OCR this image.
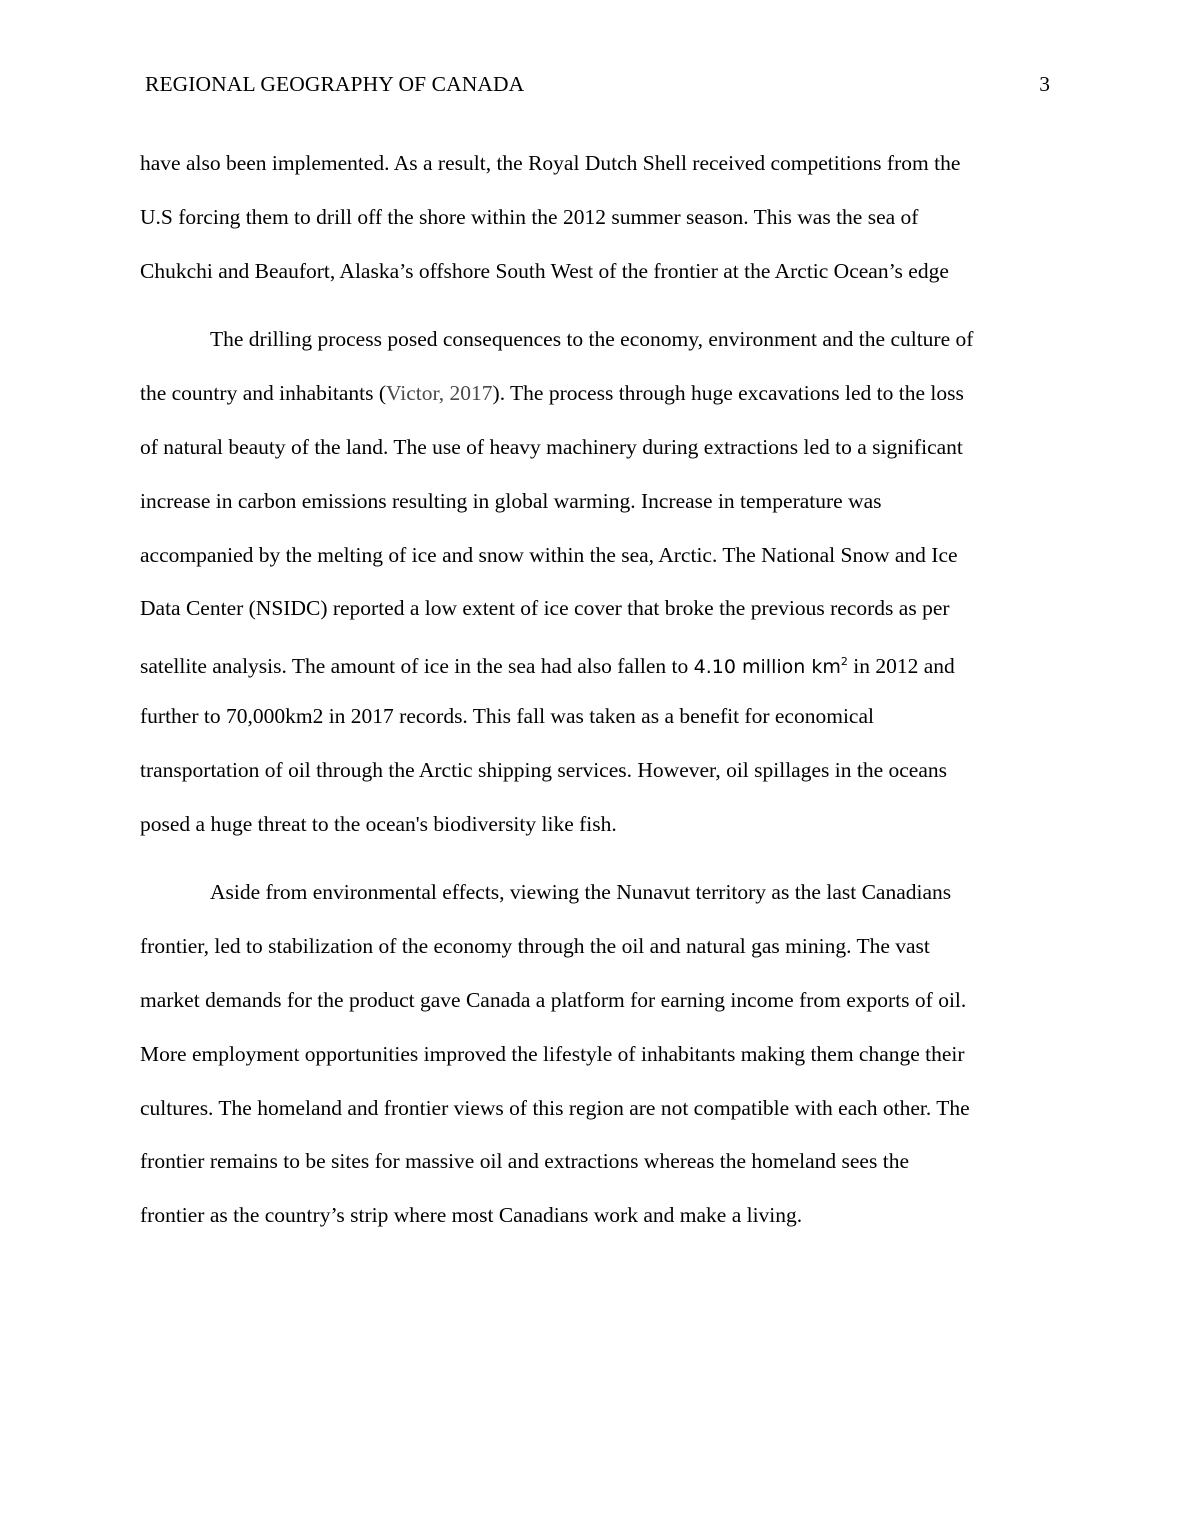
REGIONAL GEOGRAPHY OF CANADA	3
have also been implemented. As a result, the Royal Dutch Shell received competitions from the
U.S forcing them to drill off the shore within the 2012 summer season. This was the sea of
Chukchi and Beaufort, Alaska’s offshore South West of the frontier at the Arctic Ocean’s edge
The drilling process posed consequences to the economy, environment and the culture of
the country and inhabitants (Victor, 2017). The process through huge excavations led to the loss
of natural beauty of the land. The use of heavy machinery during extractions led to a significant
increase in carbon emissions resulting in global warming. Increase in temperature was
accompanied by the melting of ice and snow within the sea, Arctic. The National Snow and Ice
Data Center (NSIDC) reported a low extent of ice cover that broke the previous records as per
satellite analysis. The amount of ice in the sea had also fallen to 4.10 million $km^2$ in 2012 and
further to 70,000km2 in 2017 records. This fall was taken as a benefit for economical
transportation of oil through the Arctic shipping services. However, oil spillages in the oceans
posed a huge threat to the ocean's biodiversity like fish.
Aside from environmental effects, viewing the Nunavut territory as the last Canadians
frontier, led to stabilization of the economy through the oil and natural gas mining. The vast
market demands for the product gave Canada a platform for earning income from exports of oil.
More employment opportunities improved the lifestyle of inhabitants making them change their
cultures. The homeland and frontier views of this region are not compatible with each other. The
frontier remains to be sites for massive oil and extractions whereas the homeland sees the
frontier as the country’s strip where most Canadians work and make a living.
